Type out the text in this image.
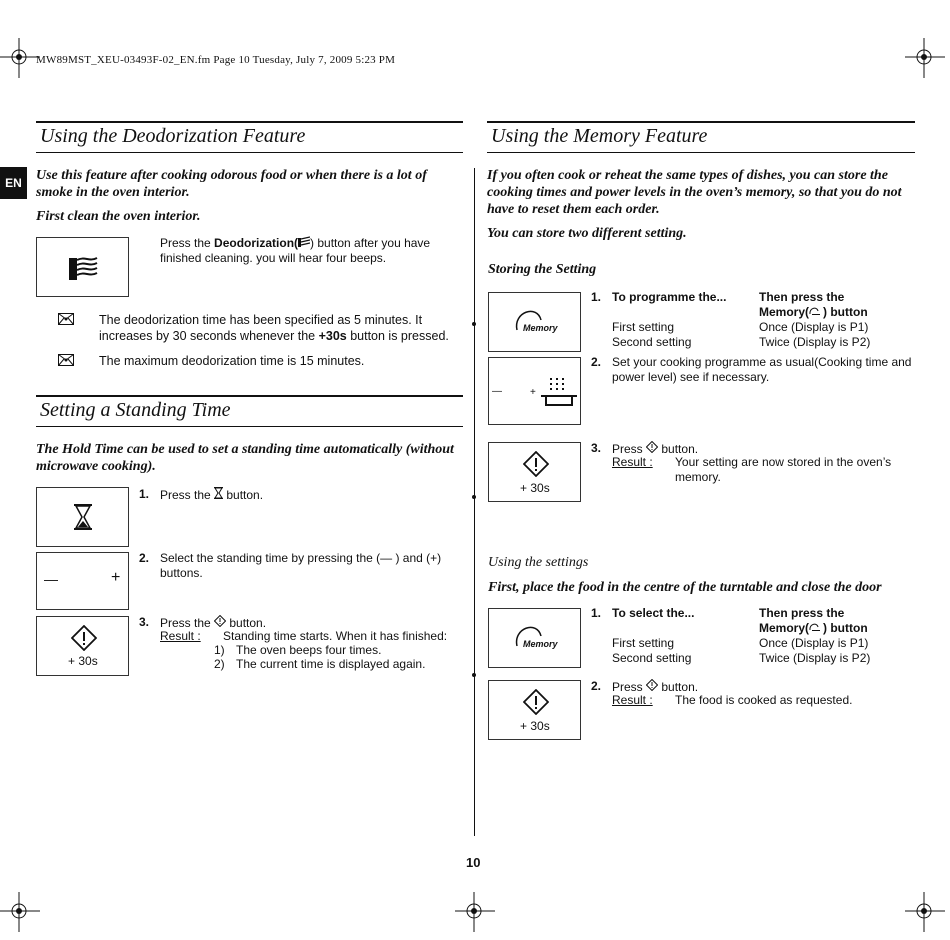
MW89MST_XEU-03493F-02_EN.fm Page 10 Tuesday, July 7, 2009 5:23 PM
EN
Using the Deodorization Feature
Use this feature after cooking odorous food or when there is a lot of smoke in the oven interior.
First clean the oven interior.
Press the Deodorization( ) button after you have finished cleaning. you will hear four beeps.
The deodorization time has been specified as 5 minutes. It increases by 30 seconds whenever the +30s button is pressed.
The maximum deodorization time is 15 minutes.
Setting a Standing Time
The Hold Time can be used to set a standing time automatically (without microwave cooking).
1. Press the  button.
—	+
2. Select the standing time by pressing the (— ) and (+) buttons.
+ 30s
3. Press the  button.
Result : Standing time starts. When it has finished:
1) The oven beeps four times.
2) The current time is displayed again.
Using the Memory Feature
If you often cook or reheat the same types of dishes, you can store the cooking times and power levels in the oven’s memory, so that you do not have to reset them each order.
You can store two different setting.
Storing the Setting
Memory
1. To programme the...	Then press the
Memory( ) button
First setting	Once (Display is P1)
Second setting	Twice (Display is P2)
—	+
2. Set your cooking programme as usual(Cooking time and power level) see if necessary.
+ 30s
3. Press button.
Result : Your setting are now stored in the oven’s memory.
Using the settings
First, place the food in the centre of the turntable and close the door
Memory
1. To select the...	Then press the
Memory( ) button
First setting	Once (Display is P1)
Second setting	Twice (Display is P2)
+ 30s
2. Press button.
Result : The food is cooked as requested.
10
